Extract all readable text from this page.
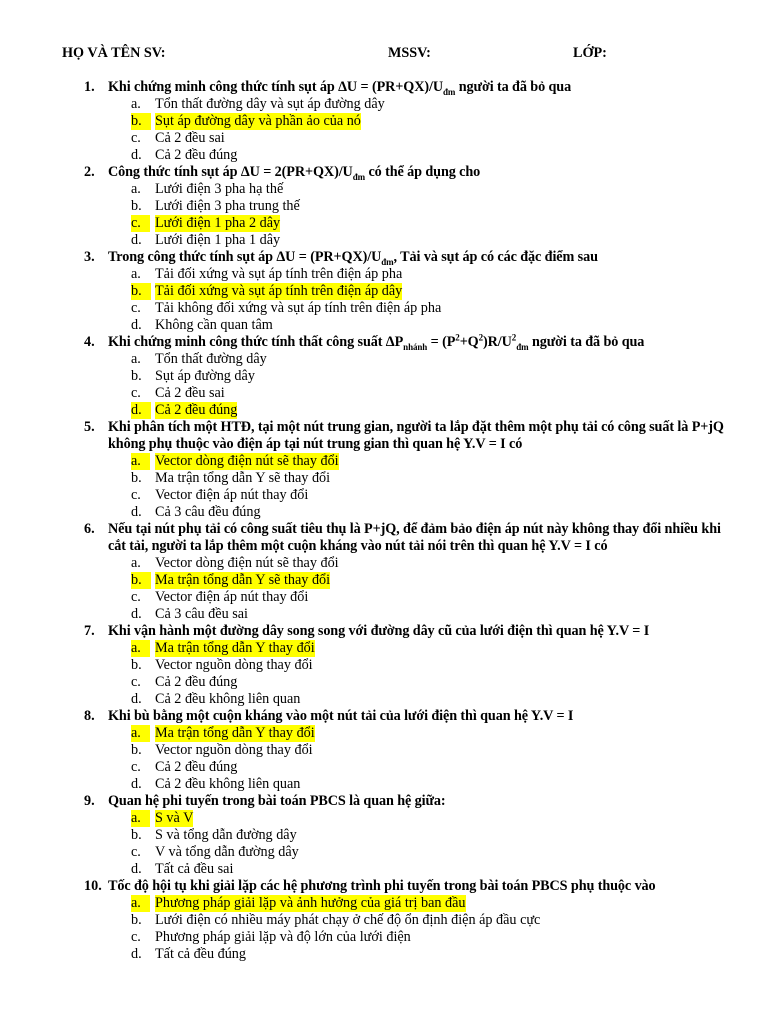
HỌ VÀ TÊN SV:	MSSV:	LỚP:
1. Khi chứng minh công thức tính sụt áp $\Delta U = (PR+QX)/U_{đm}$ người ta đã bỏ qua
a. Tổn thất đường dây và sụt áp đường dây
b. Sụt áp đường dây và phần ảo của nó
c. Cả 2 đều sai
d. Cả 2 đều đúng
2. Công thức tính sụt áp $\Delta U = 2(PR+QX)/U_{đm}$ có thể áp dụng cho
a. Lưới điện 3 pha hạ thế
b. Lưới điện 3 pha trung thế
c. Lưới điện 1 pha 2 dây
d. Lưới điện 1 pha 1 dây
3. Trong công thức tính sụt áp $\Delta U = (PR+QX)/U_{đm}$, Tải và sụt áp có các đặc điểm sau
a. Tải đối xứng và sụt áp tính trên điện áp pha
b. Tải đối xứng và sụt áp tính trên điện áp dây
c. Tải không đối xứng và sụt áp tính trên điện áp pha
d. Không cần quan tâm
4. Khi chứng minh công thức tính thất công suất $\Delta P_{nhánh} = (P^2+Q^2)R/U^2_{đm}$ người ta đã bỏ qua
a. Tổn thất đường dây
b. Sụt áp đường dây
c. Cả 2 đều sai
d. Cả 2 đều đúng
5. Khi phân tích một HTĐ, tại một nút trung gian, người ta lắp đặt thêm một phụ tải có công suất là P+jQ không phụ thuộc vào điện áp tại nút trung gian thì quan hệ Y.V = I có
a. Vector dòng điện nút sẽ thay đổi
b. Ma trận tổng dẫn Y sẽ thay đổi
c. Vector điện áp nút thay đổi
d. Cả 3 câu đều đúng
6. Nếu tại nút phụ tải có công suất tiêu thụ là P+jQ, để đảm bảo điện áp nút này không thay đổi nhiều khi cắt tải, người ta lắp thêm một cuộn kháng vào nút tải nói trên thì quan hệ Y.V = I có
a. Vector dòng điện nút sẽ thay đổi
b. Ma trận tổng dẫn Y sẽ thay đổi
c. Vector điện áp nút thay đổi
d. Cả 3 câu đều sai
7. Khi vận hành một đường dây song song với đường dây cũ của lưới điện thì quan hệ Y.V = I
a. Ma trận tổng dẫn Y thay đổi
b. Vector nguồn dòng thay đổi
c. Cả 2 đều đúng
d. Cả 2 đều không liên quan
8. Khi bù bằng một cuộn kháng vào một nút tải của lưới điện thì quan hệ Y.V = I
a. Ma trận tổng dẫn Y thay đổi
b. Vector nguồn dòng thay đổi
c. Cả 2 đều đúng
d. Cả 2 đều không liên quan
9. Quan hệ phi tuyến trong bài toán PBCS là quan hệ giữa:
a. S và V
b. S và tổng dẫn đường dây
c. V và tổng dẫn đường dây
d. Tất cả đều sai
10. Tốc độ hội tụ khi giải lặp các hệ phương trình phi tuyến trong bài toán PBCS phụ thuộc vào
a. Phương pháp giải lặp và ảnh hưởng của giá trị ban đầu
b. Lưới điện có nhiều máy phát chạy ở chế độ ổn định điện áp đầu cực
c. Phương pháp giải lặp và độ lớn của lưới điện
d. Tất cả đều đúng
